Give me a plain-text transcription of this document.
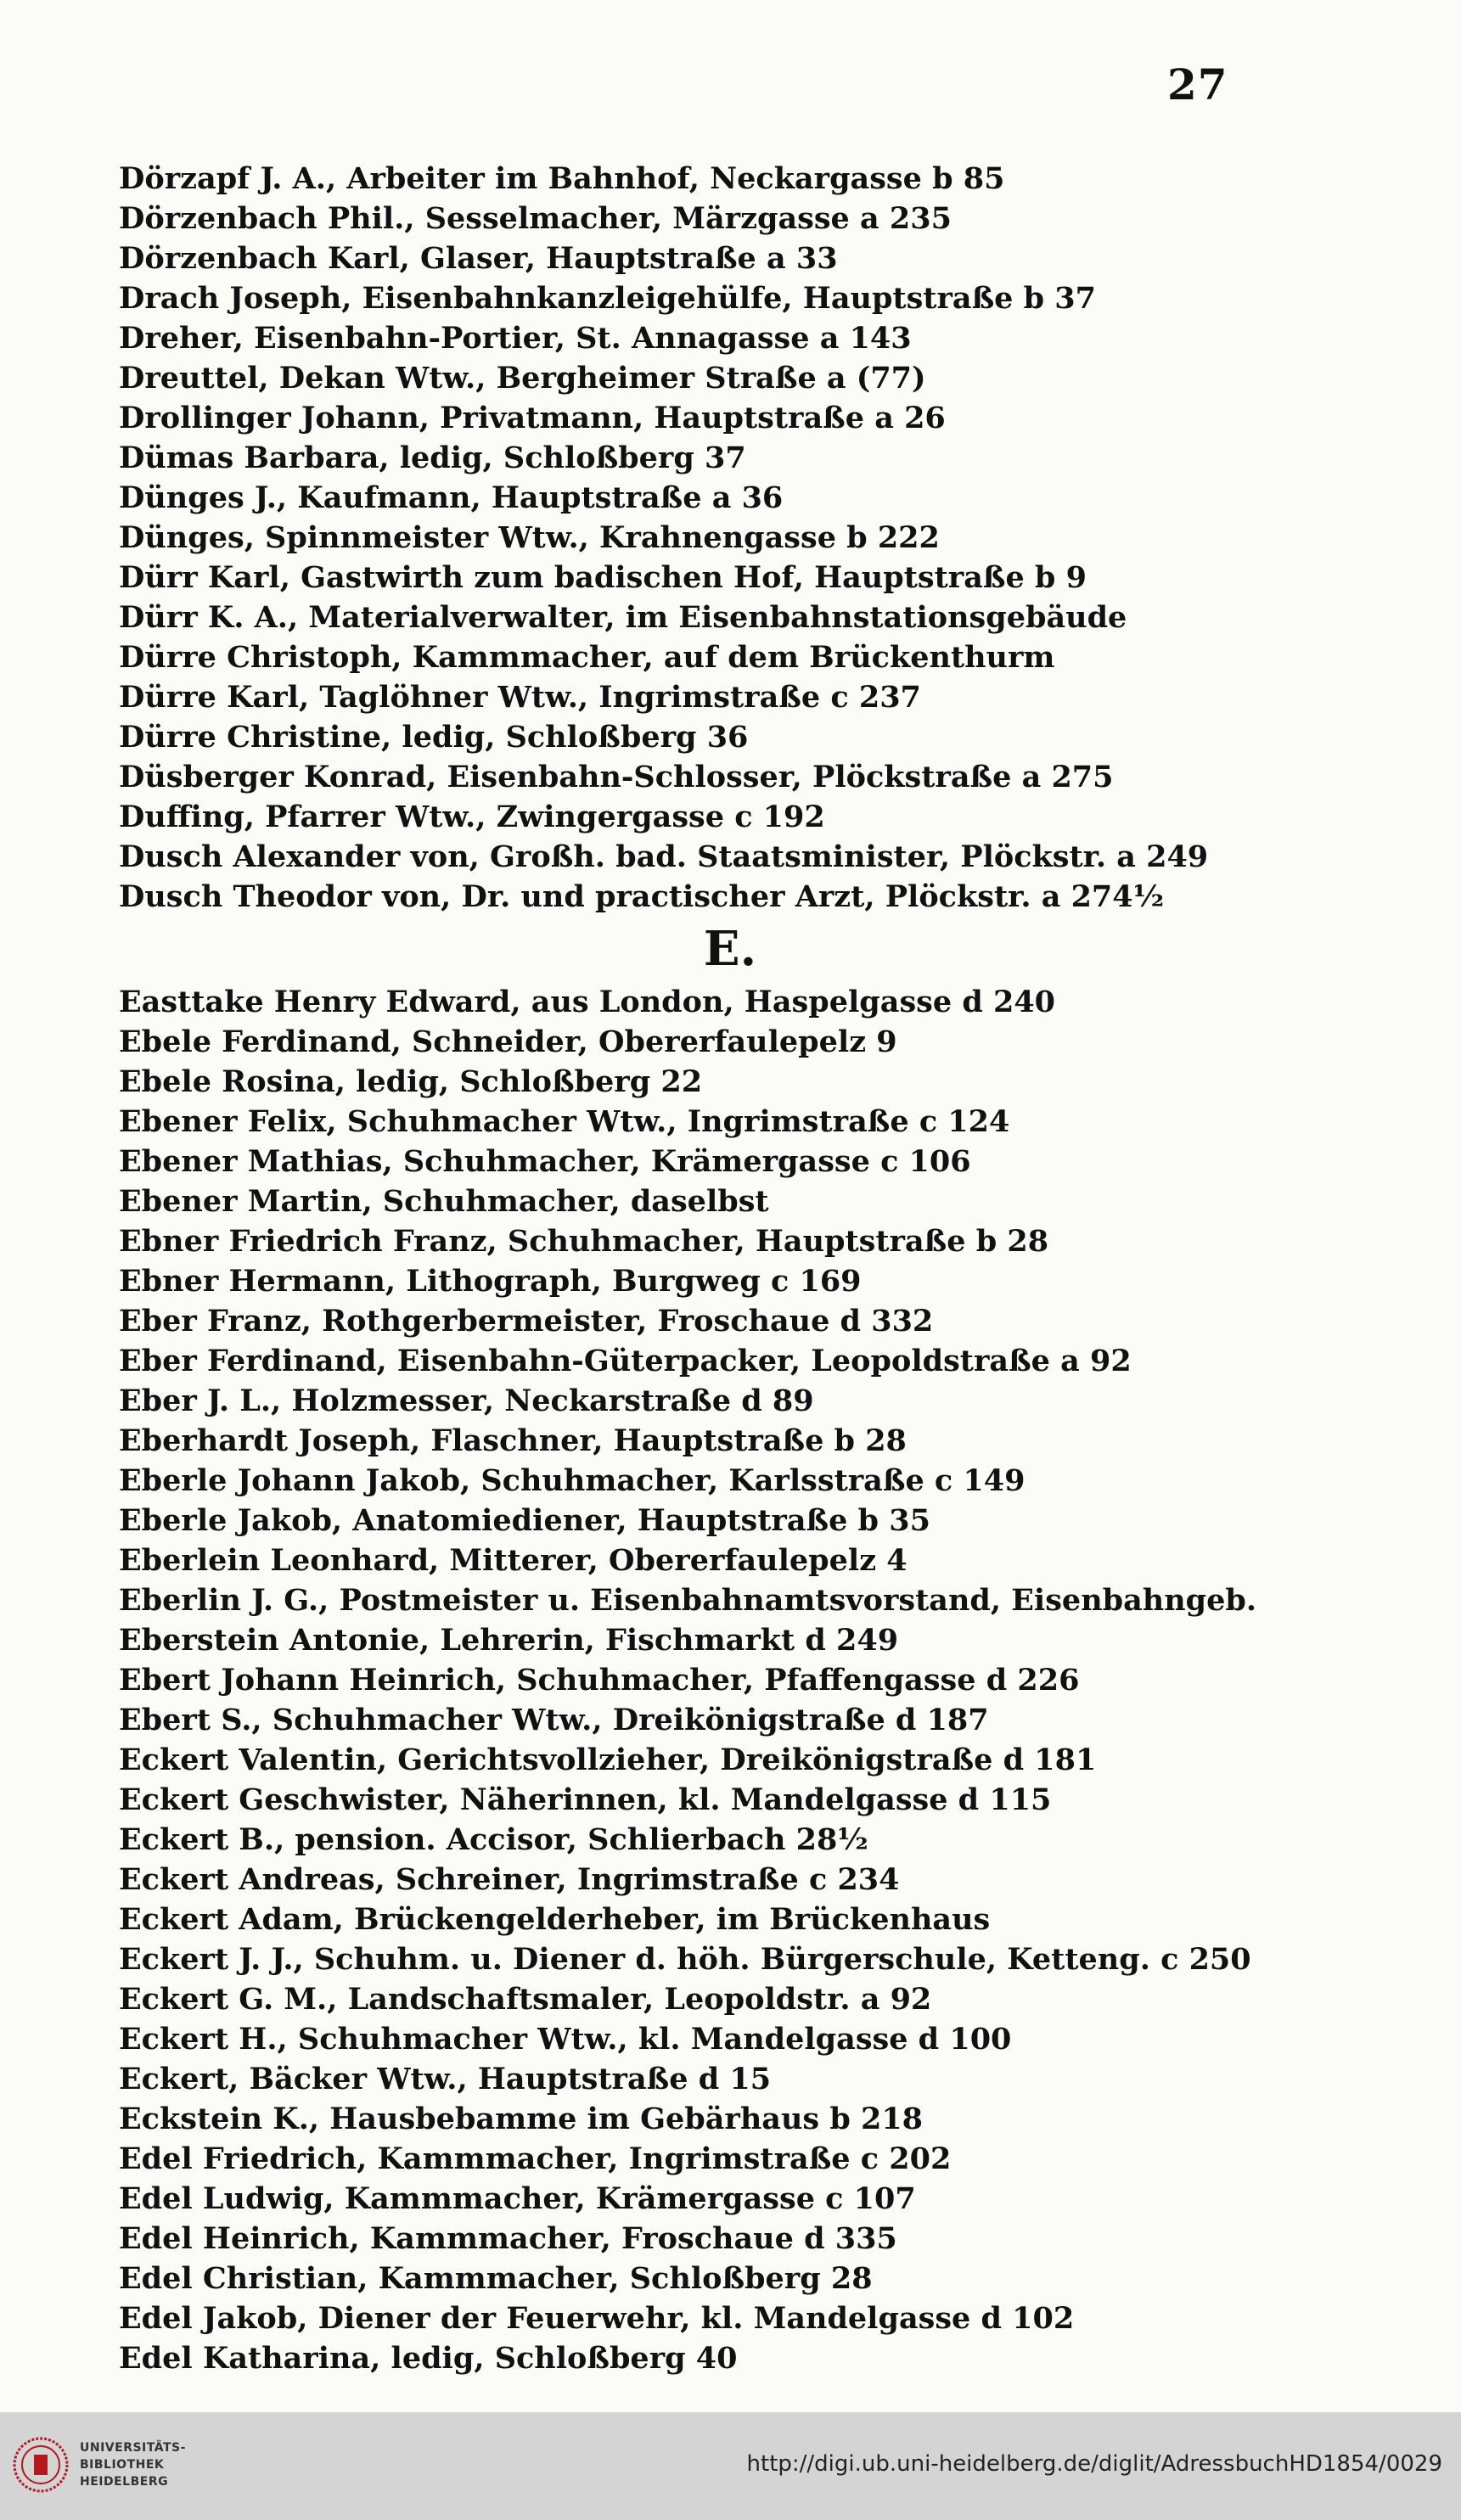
27
Dörzapf J. A., Arbeiter im Bahnhof, Neckargasse b 85
Dörzenbach Phil., Sesselmacher, Märzgasse a 235
Dörzenbach Karl, Glaser, Hauptstraße a 33
Drach Joseph, Eisenbahnkanzleigehülfe, Hauptstraße b 37
Dreher, Eisenbahn-Portier, St. Annagasse a 143
Dreuttel, Dekan Wtw., Bergheimer Straße a (77)
Drollinger Johann, Privatmann, Hauptstraße a 26
Dümas Barbara, ledig, Schloßberg 37
Dünges J., Kaufmann, Hauptstraße a 36
Dünges, Spinnmeister Wtw., Krahnengasse b 222
Dürr Karl, Gastwirth zum badischen Hof, Hauptstraße b 9
Dürr K. A., Materialverwalter, im Eisenbahnstationsgebäude
Dürre Christoph, Kammmacher, auf dem Brückenthurm
Dürre Karl, Taglöhner Wtw., Ingrimstraße c 237
Dürre Christine, ledig, Schloßberg 36
Düsberger Konrad, Eisenbahn-Schlosser, Plöckstraße a 275
Duffing, Pfarrer Wtw., Zwingergasse c 192
Dusch Alexander von, Großh. bad. Staatsminister, Plöckstr. a 249
Dusch Theodor von, Dr. und practischer Arzt, Plöckstr. a 274½
E.
Easttake Henry Edward, aus London, Haspelgasse d 240
Ebele Ferdinand, Schneider, Obererfaulepelz 9
Ebele Rosina, ledig, Schloßberg 22
Ebener Felix, Schuhmacher Wtw., Ingrimstraße c 124
Ebener Mathias, Schuhmacher, Krämergasse c 106
Ebener Martin, Schuhmacher, daselbst
Ebner Friedrich Franz, Schuhmacher, Hauptstraße b 28
Ebner Hermann, Lithograph, Burgweg c 169
Eber Franz, Rothgerbermeister, Froschaue d 332
Eber Ferdinand, Eisenbahn-Güterpacker, Leopoldstraße a 92
Eber J. L., Holzmesser, Neckarstraße d 89
Eberhardt Joseph, Flaschner, Hauptstraße b 28
Eberle Johann Jakob, Schuhmacher, Karlsstraße c 149
Eberle Jakob, Anatomiediener, Hauptstraße b 35
Eberlein Leonhard, Mitterer, Obererfaulepelz 4
Eberlin J. G., Postmeister u. Eisenbahnamtsvorstand, Eisenbahngeb.
Eberstein Antonie, Lehrerin, Fischmarkt d 249
Ebert Johann Heinrich, Schuhmacher, Pfaffengasse d 226
Ebert S., Schuhmacher Wtw., Dreikönigstraße d 187
Eckert Valentin, Gerichtsvollzieher, Dreikönigstraße d 181
Eckert Geschwister, Näherinnen, kl. Mandelgasse d 115
Eckert B., pension. Accisor, Schlierbach 28½
Eckert Andreas, Schreiner, Ingrimstraße c 234
Eckert Adam, Brückengelderheber, im Brückenhaus
Eckert J. J., Schuhm. u. Diener d. höh. Bürgerschule, Ketteng. c 250
Eckert G. M., Landschaftsmaler, Leopoldstr. a 92
Eckert H., Schuhmacher Wtw., kl. Mandelgasse d 100
Eckert, Bäcker Wtw., Hauptstraße d 15
Eckstein K., Hausbebamme im Gebärhaus b 218
Edel Friedrich, Kammmacher, Ingrimstraße c 202
Edel Ludwig, Kammmacher, Krämergasse c 107
Edel Heinrich, Kammmacher, Froschaue d 335
Edel Christian, Kammmacher, Schloßberg 28
Edel Jakob, Diener der Feuerwehr, kl. Mandelgasse d 102
Edel Katharina, ledig, Schloßberg 40
UNIVERSITÄTS-
BIBLIOTHEK
HEIDELBERG
http://digi.ub.uni-heidelberg.de/diglit/AdressbuchHD1854/0029
